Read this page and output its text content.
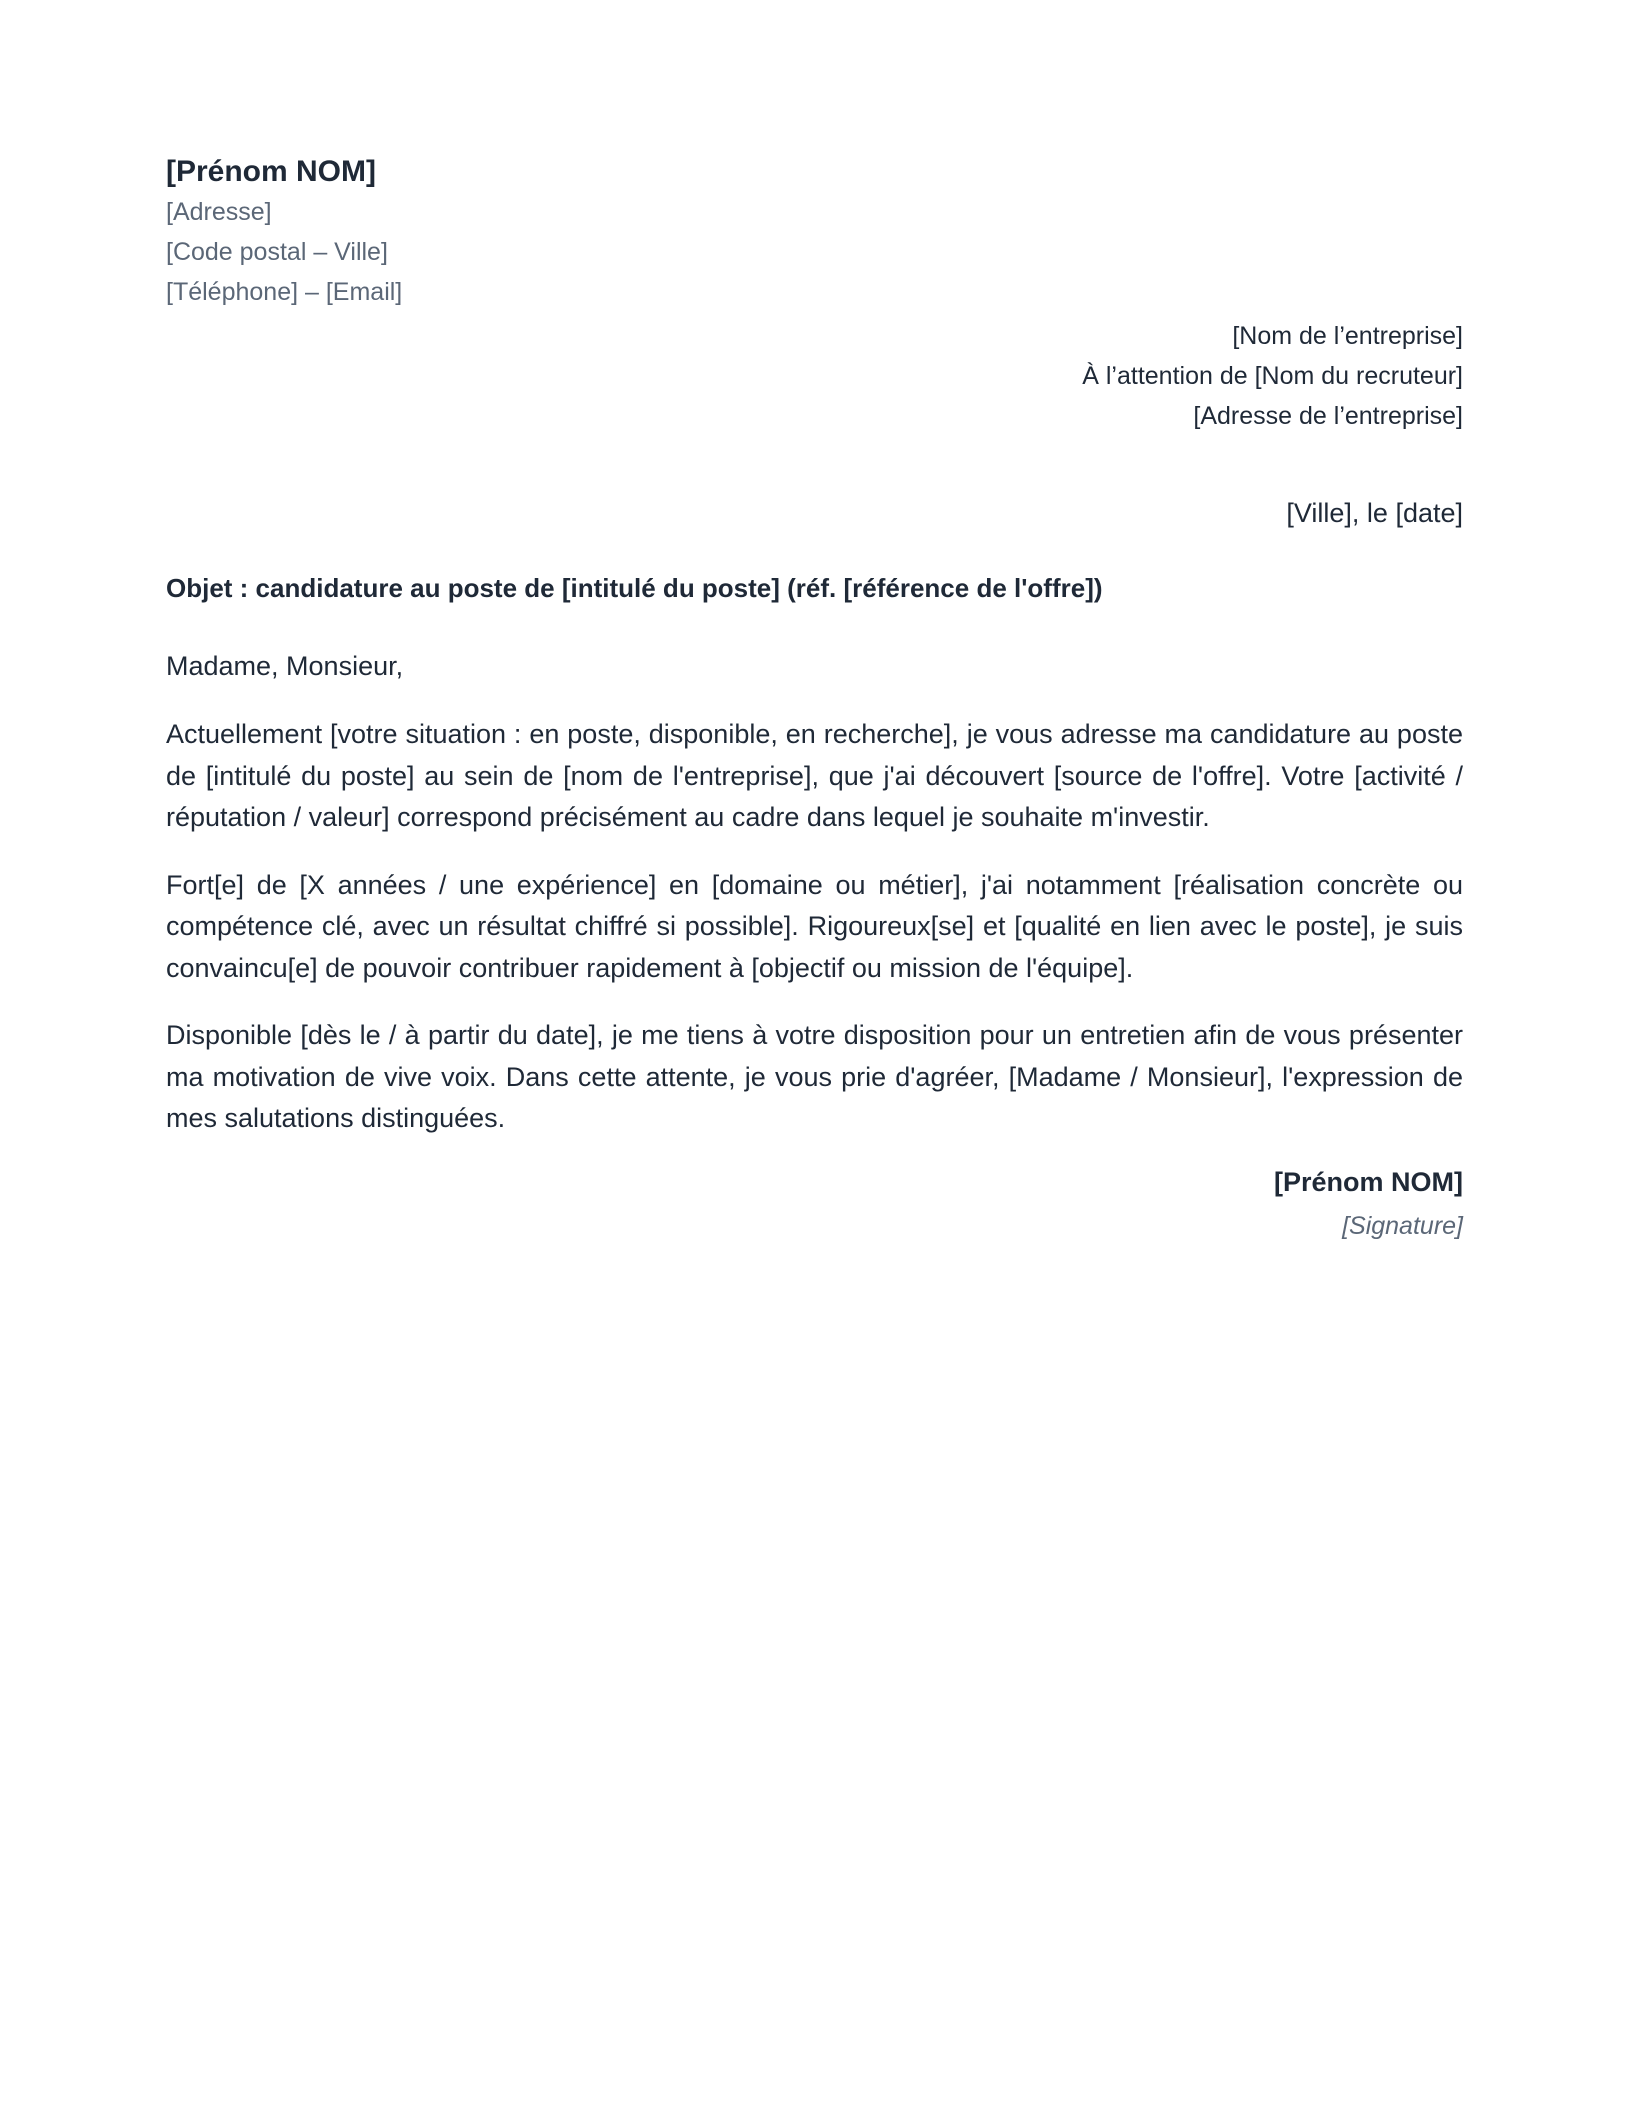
[Prénom NOM]
[Adresse]
[Code postal – Ville]
[Téléphone] – [Email]
[Nom de l’entreprise]
À l’attention de [Nom du recruteur]
[Adresse de l’entreprise]
[Ville], le [date]
Objet : candidature au poste de [intitulé du poste] (réf. [référence de l'offre])

Madame, Monsieur,

Actuellement [votre situation : en poste, disponible, en recherche], je vous adresse ma candidature au poste de [intitulé du poste] au sein de [nom de l'entreprise], que j'ai découvert [source de l'offre]. Votre [activité / réputation / valeur] correspond précisément au cadre dans lequel je souhaite m'investir.

Fort[e] de [X années / une expérience] en [domaine ou métier], j'ai notamment [réalisation concrète ou compétence clé, avec un résultat chiffré si possible]. Rigoureux[se] et [qualité en lien avec le poste], je suis convaincu[e] de pouvoir contribuer rapidement à [objectif ou mission de l'équipe].

Disponible [dès le / à partir du date], je me tiens à votre disposition pour un entretien afin de vous présenter ma motivation de vive voix. Dans cette attente, je vous prie d'agréer, [Madame / Monsieur], l'expression de mes salutations distinguées.

[Prénom NOM]
[Signature]
